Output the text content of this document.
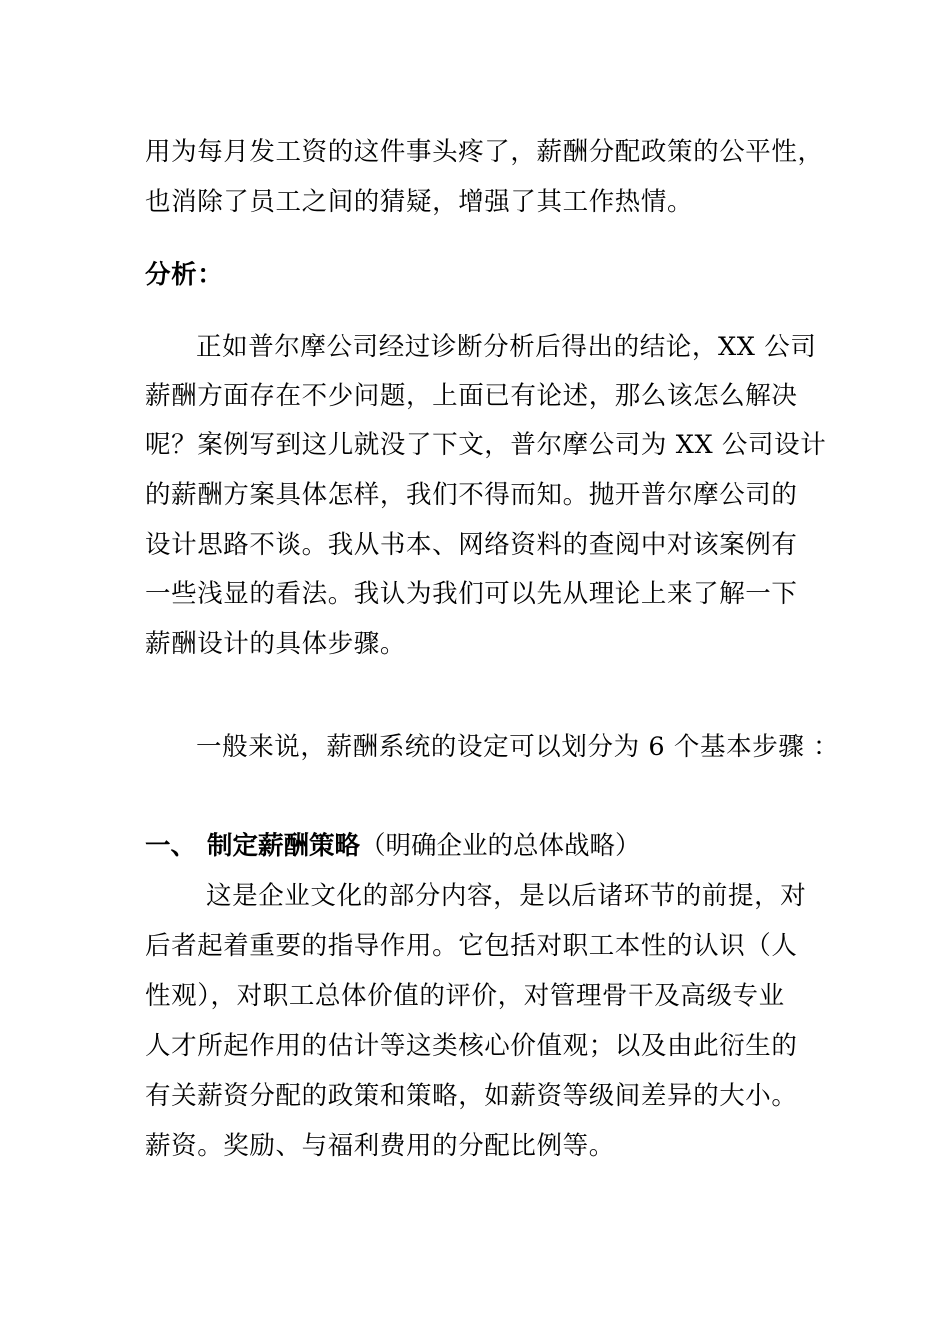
用为每月发工资的这件事头疼了，薪酬分配政策的公平性，
也消除了员工之间的猜疑，增强了其工作热情。
分析：
正如普尔摩公司经过诊断分析后得出的结论，XX 公司
薪酬方面存在不少问题，上面已有论述，那么该怎么解决
呢？案例写到这儿就没了下文，普尔摩公司为 XX 公司设计
的薪酬方案具体怎样，我们不得而知。抛开普尔摩公司的
设计思路不谈。我从书本、网络资料的查阅中对该案例有
一些浅显的看法。我认为我们可以先从理论上来了解一下
薪酬设计的具体步骤。
一般来说，薪酬系统的设定可以划分为 6 个基本步骤 ：
一、 制定薪酬策略（明确企业的总体战略）
这是企业文化的部分内容，是以后诸环节的前提，对
后者起着重要的指导作用。它包括对职工本性的认识（人
性观），对职工总体价值的评价，对管理骨干及高级专业
人才所起作用的估计等这类核心价值观；以及由此衍生的
有关薪资分配的政策和策略，如薪资等级间差异的大小。
薪资。奖励、与福利费用的分配比例等。
